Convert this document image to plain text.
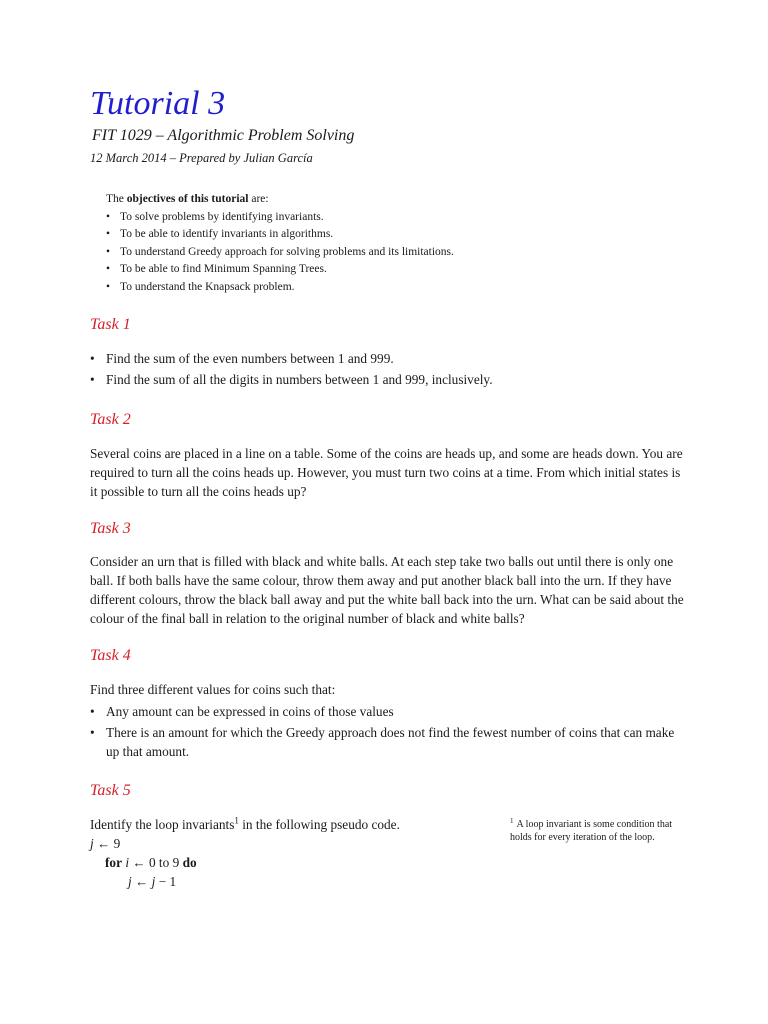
Tutorial 3

FIT 1029 – Algorithmic Problem Solving

12 March 2014 – Prepared by Julian García

The objectives of this tutorial are:

• To solve problems by identifying invariants.
• To be able to identify invariants in algorithms.
• To understand Greedy approach for solving problems and its limitations.
• To be able to find Minimum Spanning Trees.
• To understand the Knapsack problem.
Task 1
• Find the sum of the even numbers between 1 and 999.
• Find the sum of all the digits in numbers between 1 and 999, inclusively.
Task 2

Several coins are placed in a line on a table. Some of the coins are heads up, and some are heads down. You are required to turn all the coins heads up. However, you must turn two coins at a time. From which initial states is it possible to turn all the coins heads up?

Task 3

Consider an urn that is filled with black and white balls. At each step take two balls out until there is only one ball. If both balls have the same colour, throw them away and put another black ball into the urn. If they have different colours, throw the black ball away and put the white ball back into the urn. What can be said about the colour of the final ball in relation to the original number of black and white balls?

Task 4

Find three different values for coins such that:

• Any amount can be expressed in coins of those values
• There is an amount for which the Greedy approach does not find the fewest number of coins that can make up that amount.
Task 5

Identify the loop invariants$^1$ in the following pseudo code.

j ← 9
for i ← 0 to 9 do
j ← j − 1
$^1$ A loop invariant is some condition that holds for every iteration of the loop.
